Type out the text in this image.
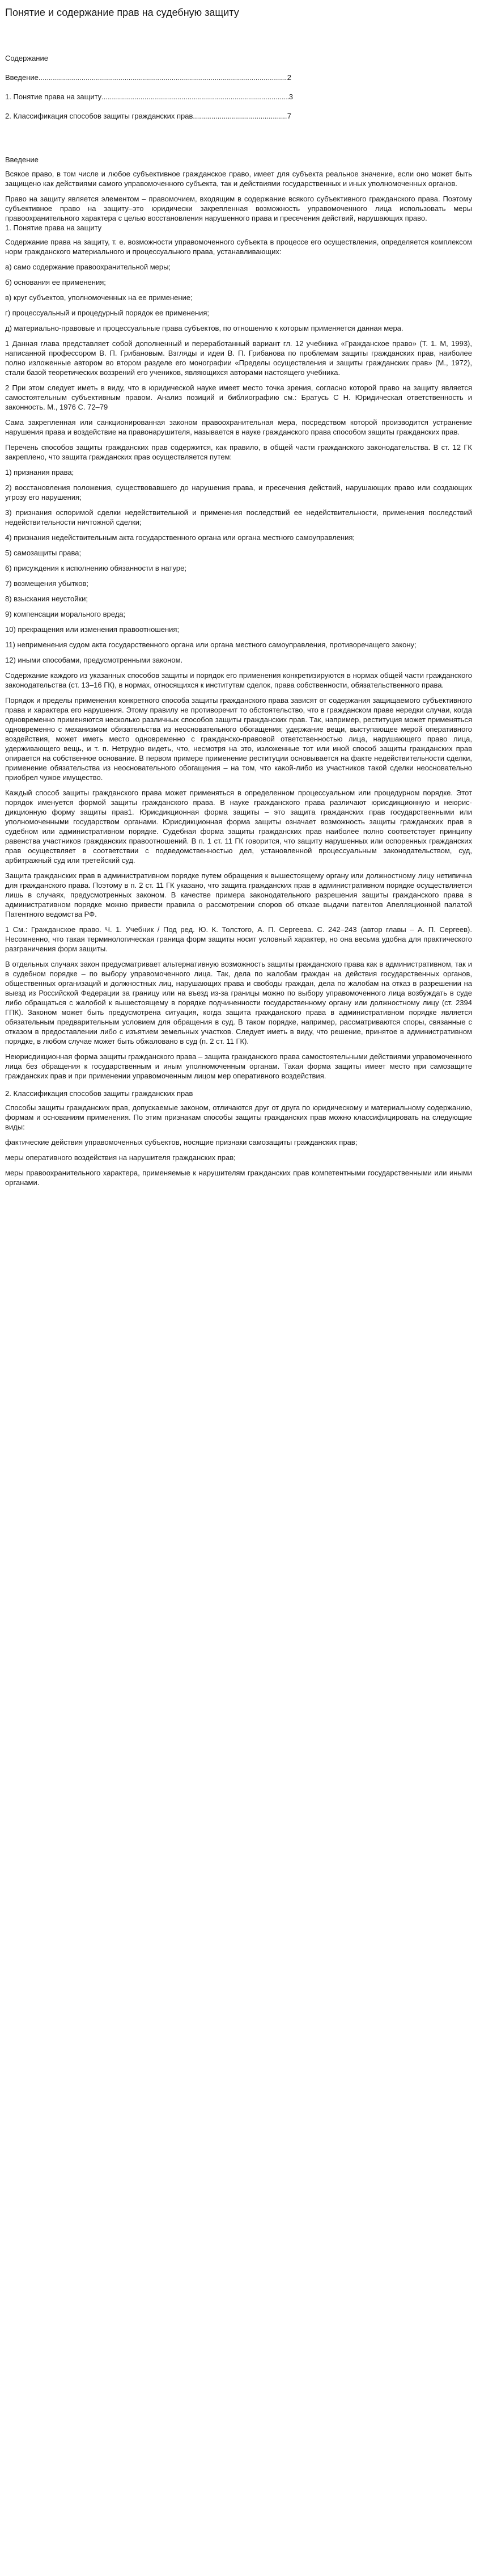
Понятие и содержание прав на судебную защиту
Содержание
Введение .....	2
1. Понятие права на защиту .....	3
2. Классификация способов защиты гражданских прав .....	7
Введение

Всякое право, в том числе и любое субъективное гражданское право, имеет для субъекта реальное значение, если оно может быть защищено как действиями самого управомоченного субъекта, так и действиями государственных и иных уполномоченных органов.

Право на защиту является элементом – правомочием, входящим в содержание всякого субъективного гражданского права. Поэтому субъективное право на защиту–это юридически закрепленная возможность управомоченного лица использовать меры правоохранительного характера с целью восстановления нарушенного права и пресечения действий, нарушающих право.

1. Понятие права на защиту

Содержание права на защиту, т. е. возможности управомоченного субъекта в процессе его осуществления, определяется комплексом норм гражданского материального и процессуального права, устанавливающих:

а) само содержание правоохранительной меры;

б) основания ее применения;

в) круг субъектов, уполномоченных на ее применение;

г) процессуальный и процедурный порядок ее применения;

д) материально-правовые и процессуальные права субъектов, по отношению к которым применяется данная мера.

1 Данная глава представляет собой дополненный и переработанный вариант гл. 12 учебника «Гражданское право» (Т. 1. М, 1993), написанной профессором В. П. Грибановым. Взгляды и идеи В. П. Грибанова по проблемам защиты гражданских прав, наиболее полно изложенные автором во втором разделе его монографии «Пределы осуществления и защиты гражданских прав» (М., 1972), стали базой теоретических воззрений его учеников, являющихся авторами настоящего учебника.

2 При этом следует иметь в виду, что в юридической науке имеет место точка зрения, согласно которой право на защиту является самостоятельным субъективным правом. Анализ позиций и библиографию см.: Братусь С Н. Юридическая ответственность и законность. М., 1976 С. 72–79

Сама закрепленная или санкционированная законом правоохранительная мера, посредством которой производится устранение нарушения права и воздействие на правонарушителя, называется в науке гражданского права способом защиты гражданских прав.

Перечень способов защиты гражданских прав содержится, как правило, в общей части гражданского законодательства. В ст. 12 ГК закреплено, что защита гражданских прав осуществляется путем:

1) признания права;

2) восстановления положения, существовавшего до нарушения права, и пресечения действий, нарушающих право или создающих угрозу его нарушения;

3) признания оспоримой сделки недействительной и применения последствий ее недействительности, применения последствий недействительности ничтожной сделки;

4) признания недействительным акта государственного органа или органа местного самоуправления;

5) самозащиты права;

6) присуждения к исполнению обязанности в натуре;

7) возмещения убытков;

8) взыскания неустойки;

9) компенсации морального вреда;

10) прекращения или изменения правоотношения;

11) неприменения судом акта государственного органа или органа местного самоуправления, противоречащего закону;

12) иными способами, предусмотренными законом.

Содержание каждого из указанных способов защиты и порядок его применения конкретизируются в нормах общей части гражданского законодательства (ст. 13–16 ГК), в нормах, относящихся к институтам сделок, права собственности, обязательственного права.

Порядок и пределы применения конкретного способа защиты гражданского права зависят от содержания защищаемого субъективного права и характера его нарушения. Этому правилу не противоречит то обстоятельство, что в гражданском праве нередки случаи, когда одновременно применяются несколько различных способов защиты гражданских прав. Так, например, реституция может применяться одновременно с механизмом обязательства из неосновательного обогащения; удержание вещи, выступающее мерой оперативного воздействия, может иметь место одновременно с гражданско-правовой ответственностью лица, нарушающего право лица, удерживающего вещь, и т. п. Нетрудно видеть, что, несмотря на это, изложенные тот или иной способ защиты гражданских прав опирается на собственное основание. В первом примере применение реституции основывается на факте недействительности сделки, применение обязательства из неосновательного обогащения – на том, что какой-либо из участников такой сделки неосновательно приобрел чужое имущество.

Каждый способ защиты гражданского права может применяться в определенном процессуальном или процедурном порядке. Этот порядок именуется формой защиты гражданского права. В науке гражданского права различают юрисдикционную и неюрис-дикционную форму защиты прав1. Юрисдикционная форма защиты – это защита гражданских прав государственными или уполномоченными государством органами. Юрисдикционная форма защиты означает возможность защиты гражданских прав в судебном или административном порядке. Судебная форма защиты гражданских прав наиболее полно соответствует принципу равенства участников гражданских правоотношений. В п. 1 ст. 11 ГК говорится, что защиту нарушенных или оспоренных гражданских прав осуществляет в соответствии с подведомственностью дел, установленной процессуальным законодательством, суд, арбитражный суд или третейский суд.

Защита гражданских прав в административном порядке путем обращения к вышестоящему органу или должностному лицу нетипична для гражданского права. Поэтому в п. 2 ст. 11 ГК указано, что защита гражданских прав в административном порядке осуществляется лишь в случаях, предусмотренных законом. В качестве примера законодательного разрешения защиты гражданского права в административном порядке можно привести правила о рассмотрении споров об отказе выдачи патентов Апелляционной палатой Патентного ведомства РФ.

1 См.: Гражданское право. Ч. 1. Учебник / Под ред. Ю. К. Толстого, А. П. Сергеева. С. 242–243 (автор главы – А. П. Сергеев). Несомненно, что такая терминологическая граница форм защиты носит условный характер, но она весьма удобна для практического разграничения форм защиты.

В отдельных случаях закон предусматривает альтернативную возможность защиты гражданского права как в административном, так и в судебном порядке – по выбору управомоченного лица. Так, дела по жалобам граждан на действия государственных органов, общественных организаций и должностных лиц, нарушающих права и свободы граждан, дела по жалобам на отказ в разрешении на выезд из Российской Федерации за границу или на въезд из-за границы можно по выбору управомоченного лица возбуждать в суде либо обращаться с жалобой к вышестоящему в порядке подчиненности государственному органу или должностному лицу (ст. 2394 ГПК). Законом может быть предусмотрена ситуация, когда защита гражданского права в административном порядке является обязательным предварительным условием для обращения в суд. В таком порядке, например, рассматриваются споры, связанные с отказом в предоставлении либо с изъятием земельных участков. Следует иметь в виду, что решение, принятое в административном порядке, в любом случае может быть обжаловано в суд (п. 2 ст. 11 ГК).

Неюрисдикционная форма защиты гражданского права – защита гражданского права самостоятельными действиями управомоченного лица без обращения к государственным и иным уполномоченным органам. Такая форма защиты имеет место при самозащите гражданских прав и при применении управомоченным лицом мер оперативного воздействия.

2. Классификация способов защиты гражданских прав

Способы защиты гражданских прав, допускаемые законом, отличаются друг от друга по юридическому и материальному содержанию, формам и основаниям применения. По этим признакам способы защиты гражданских прав можно классифицировать на следующие виды:

фактические действия управомоченных субъектов, носящие признаки самозащиты гражданских прав;

меры оперативного воздействия на нарушителя гражданских прав;

меры правоохранительного характера, применяемые к нарушителям гражданских прав компетентными государственными или иными органами.
